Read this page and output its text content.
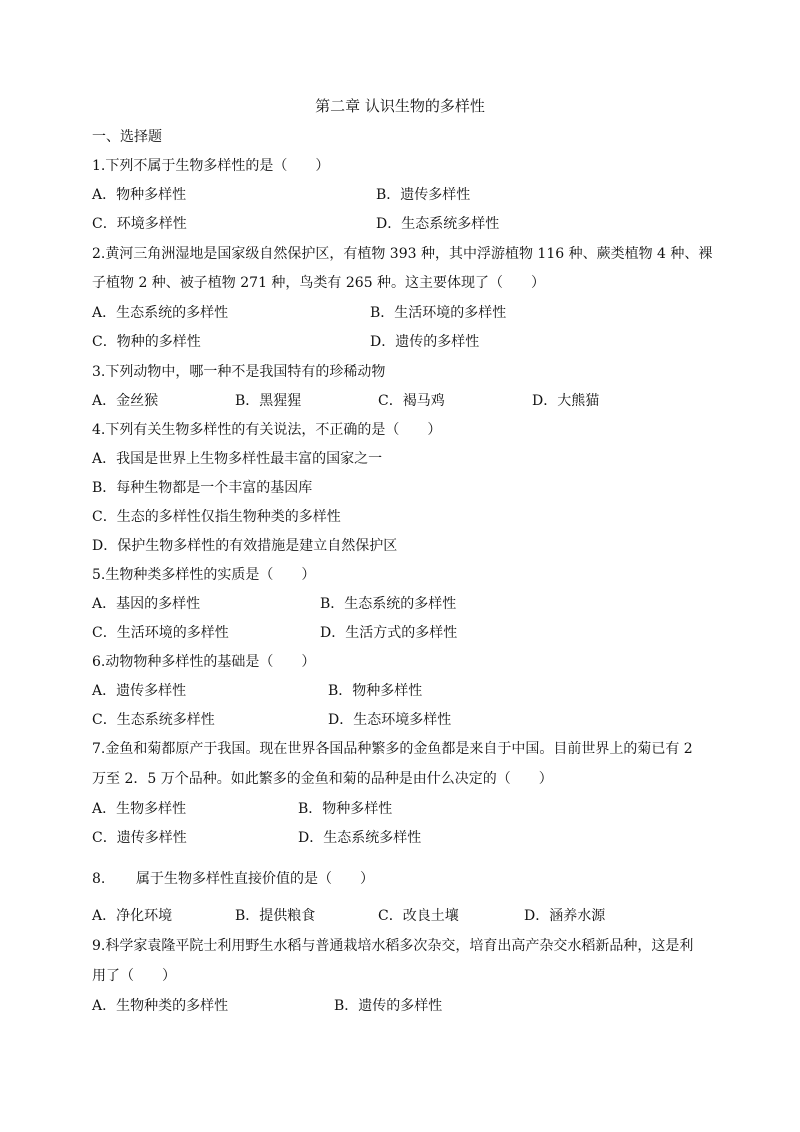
第二章 认识生物的多样性
一、选择题
1.下列不属于生物多样性的是（　　）
A．物种多样性	B．遗传多样性
C．环境多样性	D．生态系统多样性
2.黄河三角洲湿地是国家级自然保护区，有植物 393 种，其中浮游植物 116 种、蕨类植物 4 种、裸
子植物 2 种、被子植物 271 种，鸟类有 265 种。这主要体现了（　　）
A．生态系统的多样性	B．生活环境的多样性
C．物种的多样性	D．遗传的多样性
3.下列动物中，哪一种不是我国特有的珍稀动物
A．金丝猴	B．黑猩猩	C．褐马鸡	D．大熊猫
4.下列有关生物多样性的有关说法，不正确的是（　　）
A．我国是世界上生物多样性最丰富的国家之一
B．每种生物都是一个丰富的基因库
C．生态的多样性仅指生物种类的多样性
D．保护生物多样性的有效措施是建立自然保护区
5.生物种类多样性的实质是（　　）
A．基因的多样性	B．生态系统的多样性
C．生活环境的多样性	D．生活方式的多样性
6.动物物种多样性的基础是（　　）
A．遗传多样性	B．物种多样性
C．生态系统多样性	D．生态环境多样性
7.金鱼和菊都原产于我国。现在世界各国品种繁多的金鱼都是来自于中国。目前世界上的菊已有 2
万至 2．5 万个品种。如此繁多的金鱼和菊的品种是由什么决定的（　　）
A．生物多样性	B．物种多样性
C．遗传多样性	D．生态系统多样性
8. 属于生物多样性直接价值的是（　　）
A．净化环境	B．提供粮食	C．改良土壤	D．涵养水源
9.科学家袁隆平院士利用野生水稻与普通栽培水稻多次杂交，培育出高产杂交水稻新品种，这是利
用了（　　）
A．生物种类的多样性	B．遗传的多样性
